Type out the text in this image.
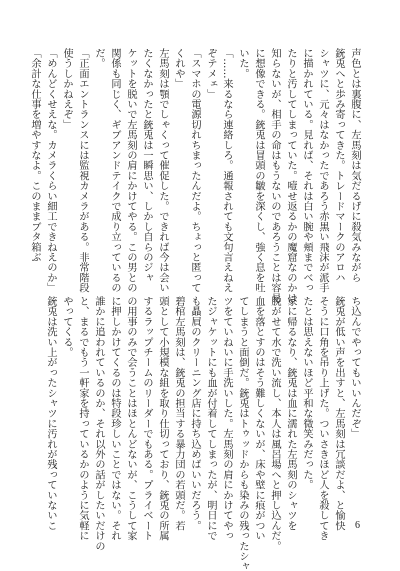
声色とは裏腹に、左馬刻は気だるげに殺気みながら
銃兎へと歩み寄ってきた。トレードマークのアロハ
シャツに、元々はなかったであろう赤黒い飛沫が派手
に描かれている。見れば、それは白い腕や頬までべっ
たりと汚してしまっていた。噎せ返るかの魔窟なのかは
知らないが、相手の命はもうないのであろうことは容易
に想像できる。銃兎は冒頭の皺を深くし、強く息を吐
いた。
「……来るなら連絡しろ。通報されても文句言えねえ
ぞテメェ」
「スマホの電源切れちまったんだよ。ちょっと匿って
くれや」
左馬刻は顎でしゃくって催促した。できれば今は会い
たくなかったと銃兎は一瞬思い、しかし自らのジャ
ケットを脱いで左馬刻の肩にかけてやる。この男との
関係も同じく、ギブアンドテイクで成り立っているの
だ。
「正面エントランスには監視カメラがある。非常階段
使うしかねえぞ」
「めんどくせえな。カメラくらい細工できねえのか」
「余計な仕事を増やすなよ。このままブタ箱ぶ
ち込んでやってもいいんだぞ」
銃兎が低い声を出すと、左馬刻は冗談だよ、と愉快
そうに口角を吊り上げた。ついさきほど人を殺してき
たとは思えないほど平和な微笑みだった。
家に帰るなり、銃兎は血に濡れた左馬刻のシャツを
脱がせて水で洗い流し、本人は風呂場へと押し込んだ。
血を落とすのはそう難しくないが、床や壁に痕がつい
てしまうと面倒だ。銃兎はトゥッドからも染みの残ったシャ
ツをていねいに手洗いした。左馬刻の肩にかけてやっ
たジャケットにも血が付着してしまったが、明日にで
も贔屓のクリーニング店に持ち込めばいいだろう。
碧棺左馬刻は、銃兎の担当する暴力団の若頭だ。若
頭として小規模な組を取り仕切っており、銃兎の所属
するラップチームのリーダーでもある。プライベート
の用事のみで会うことはほとんどないが、こうして家
に押しかけてくるのは特段珍しいことではない。それ
誰かに追われているのか、それ以外の話がしたいだけの
と、まるでもう一軒家を持っているかのように気軽に
やってくる。
銃兎は洗い上がったシャツに汚れが残っていないこ	6
